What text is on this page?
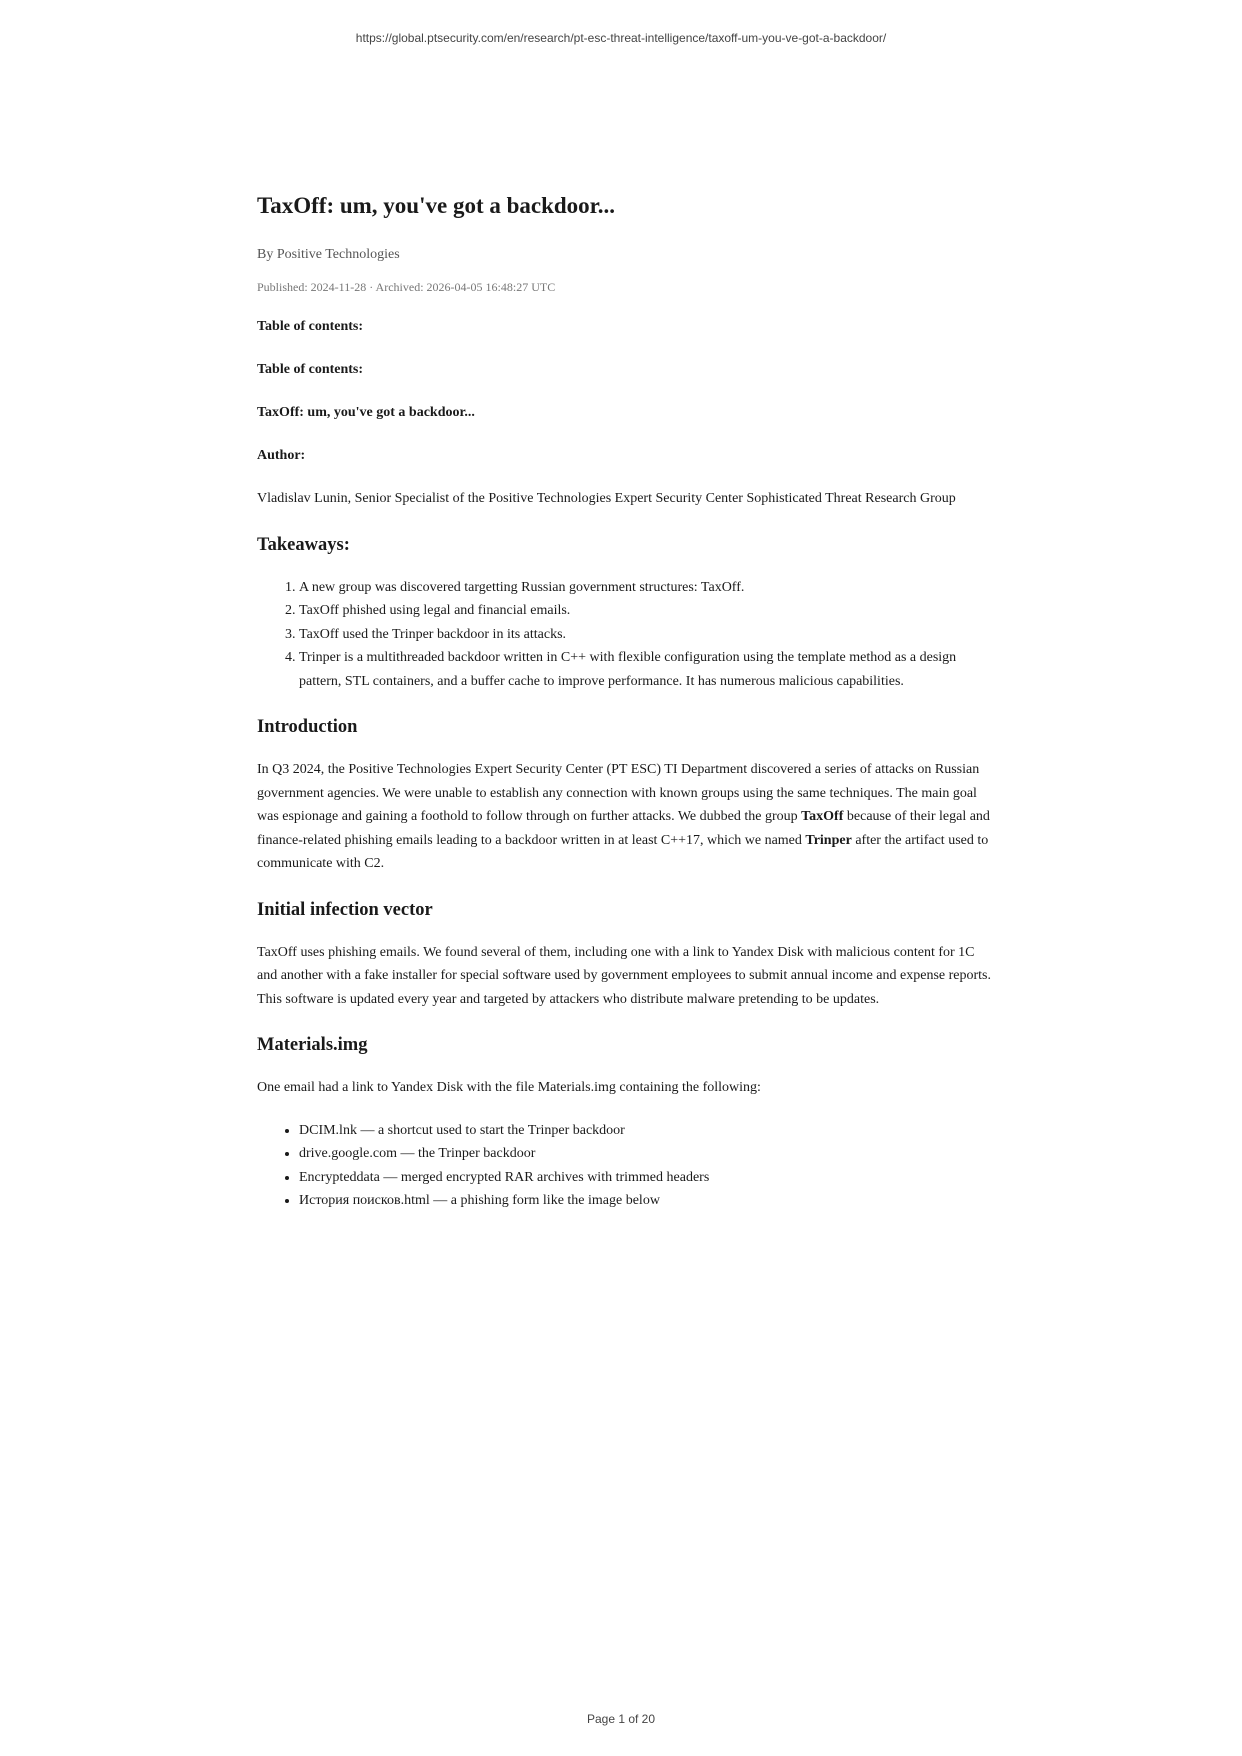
https://global.ptsecurity.com/en/research/pt-esc-threat-intelligence/taxoff-um-you-ve-got-a-backdoor/
TaxOff: um, you've got a backdoor...
By Positive Technologies
Published: 2024-11-28 · Archived: 2026-04-05 16:48:27 UTC
Table of contents:
Table of contents:
TaxOff: um, you've got a backdoor...
Author:

Vladislav Lunin, Senior Specialist of the Positive Technologies Expert Security Center Sophisticated Threat Research Group

Takeaways:
1. A new group was discovered targetting Russian government structures: TaxOff.
2. TaxOff phished using legal and financial emails.
3. TaxOff used the Trinper backdoor in its attacks.
4. Trinper is a multithreaded backdoor written in C++ with flexible configuration using the template method as a design pattern, STL containers, and a buffer cache to improve performance. It has numerous malicious capabilities.
Introduction

In Q3 2024, the Positive Technologies Expert Security Center (PT ESC) TI Department discovered a series of attacks on Russian government agencies. We were unable to establish any connection with known groups using the same techniques. The main goal was espionage and gaining a foothold to follow through on further attacks. We dubbed the group TaxOff because of their legal and finance-related phishing emails leading to a backdoor written in at least C++17, which we named Trinper after the artifact used to communicate with C2.

Initial infection vector

TaxOff uses phishing emails. We found several of them, including one with a link to Yandex Disk with malicious content for 1C and another with a fake installer for special software used by government employees to submit annual income and expense reports. This software is updated every year and targeted by attackers who distribute malware pretending to be updates.

Materials.img

One email had a link to Yandex Disk with the file Materials.img containing the following:

• DCIM.lnk — a shortcut used to start the Trinper backdoor
• drive.google.com — the Trinper backdoor
• Encrypteddata — merged encrypted RAR archives with trimmed headers
• История поисков.html — a phishing form like the image below
Page 1 of 20
